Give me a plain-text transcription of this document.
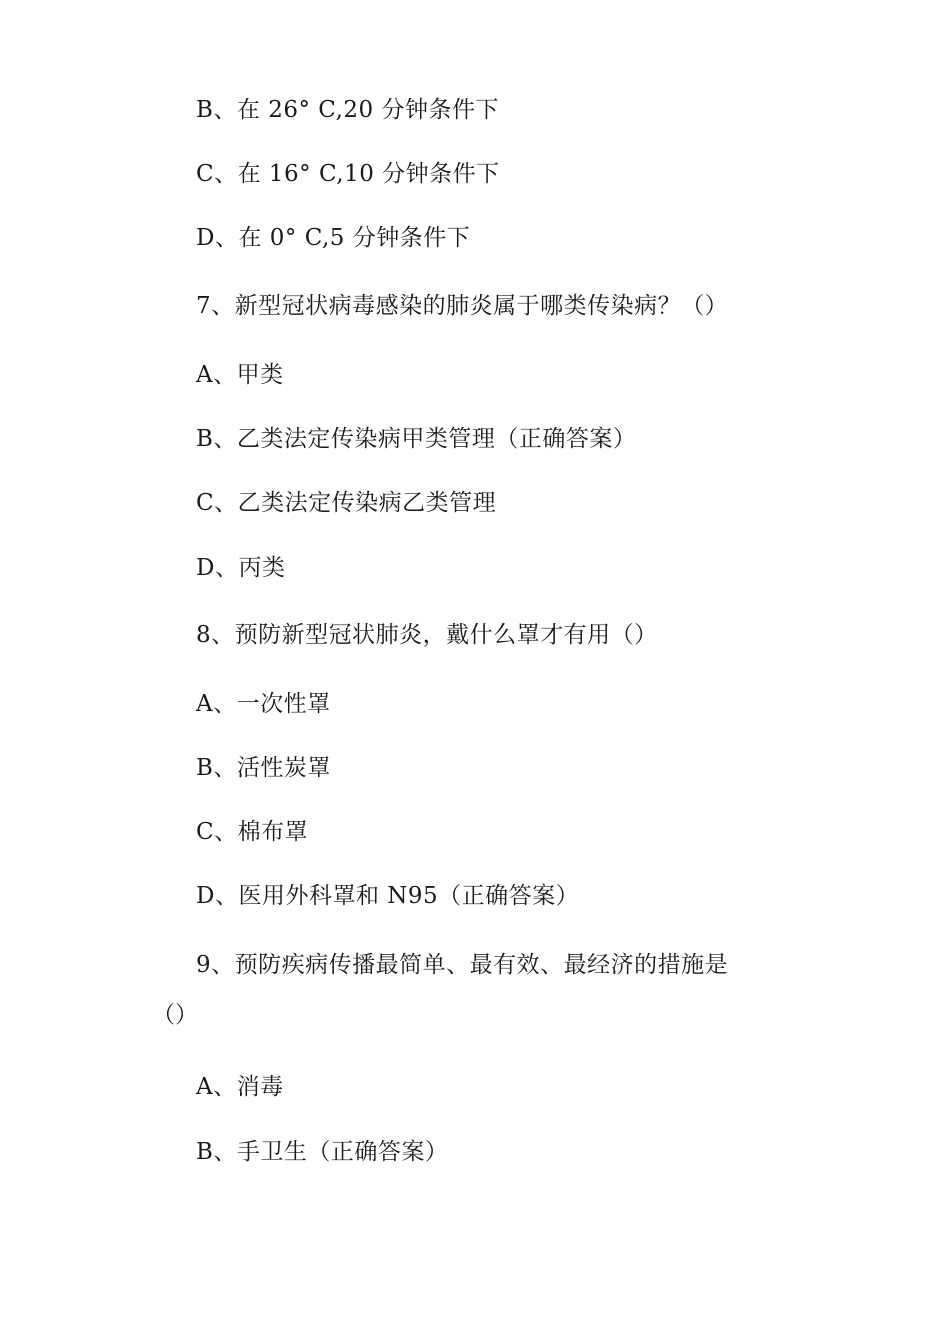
B、在 26° C,20 分钟条件下
C、在 16° C,10 分钟条件下
D、在 0° C,5 分钟条件下
7、新型冠状病毒感染的肺炎属于哪类传染病？（）
A、甲类
B、乙类法定传染病甲类管理（正确答案）
C、乙类法定传染病乙类管理
D、丙类
8、预防新型冠状肺炎，戴什么罩才有用（）
A、一次性罩
B、活性炭罩
C、棉布罩
D、医用外科罩和 N95（正确答案）
9、预防疾病传播最简单、最有效、最经济的措施是
（）
A、消毒
B、手卫生（正确答案）
